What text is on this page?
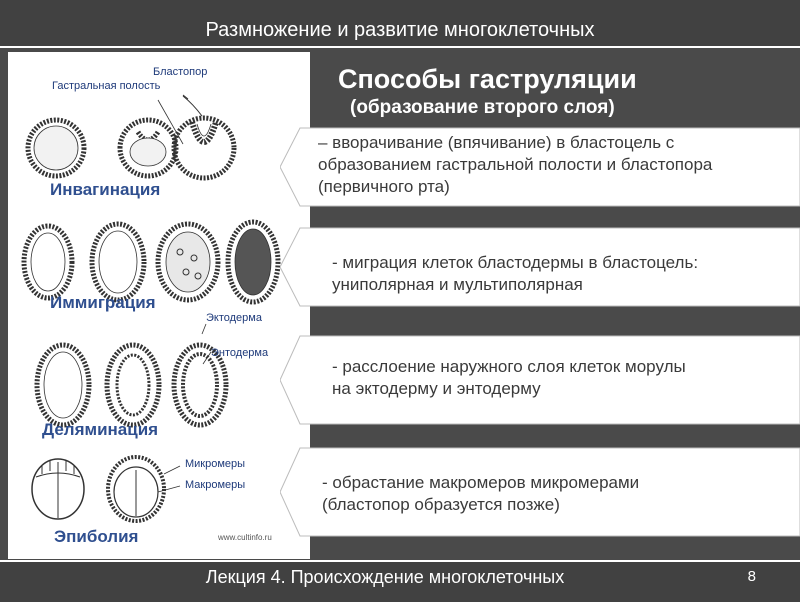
Размножение и развитие многоклеточных
Бластопор
Гастральная полость
Инвагинация
Иммиграция
Эктодерма
Энтодерма
Деляминация
Микромеры
Макромеры
Эпиболия	www.cultinfo.ru
Способы гаструляции
(образование второго слоя)
– вворачивание (впячивание) в бластоцель с образованием гастральной полости и бластопора (первичного рта)
- миграция клеток бластодермы в бластоцель: униполярная и мультиполярная
- расслоение наружного слоя клеток морулы на эктодерму и энтодерму
- обрастание макромеров микромерами (бластопор образуется позже)
Лекция 4. Происхождение многоклеточных	8
